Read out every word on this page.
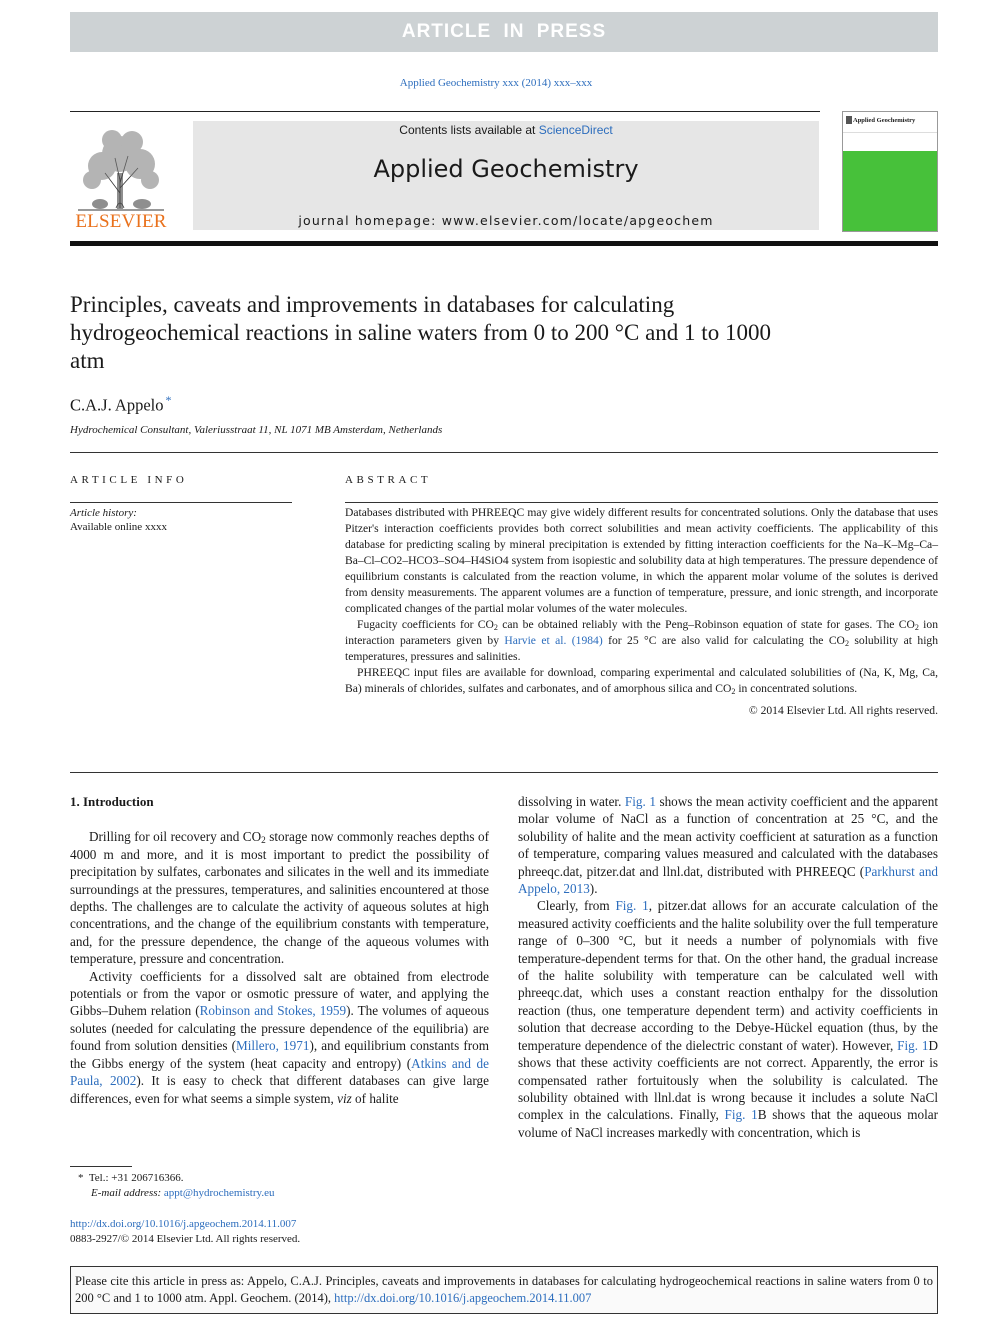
ARTICLE IN PRESS
Applied Geochemistry xxx (2014) xxx–xxx
ELSEVIER
Contents lists available at ScienceDirect
Applied Geochemistry
journal homepage: www.elsevier.com/locate/apgeochem
Applied Geochemistry
Principles, caveats and improvements in databases for calculating hydrogeochemical reactions in saline waters from 0 to 200 °C and 1 to 1000 atm
C.A.J. Appelo *
Hydrochemical Consultant, Valeriusstraat 11, NL 1071 MB Amsterdam, Netherlands
ARTICLE INFO	ABSTRACT
Article history:
Available online xxxx

Databases distributed with PHREEQC may give widely different results for concentrated solutions. Only the database that uses Pitzer's interaction coefficients provides both correct solubilities and mean activity coefficients. The applicability of this database for predicting scaling by mineral precipitation is extended by fitting interaction coefficients for the Na–K–Mg–Ca–Ba–Cl–CO2–HCO3–SO4–H4SiO4 system from isopiestic and solubility data at high temperatures. The pressure dependence of equilibrium constants is calculated from the reaction volume, in which the apparent molar volume of the solutes is derived from density measurements. The apparent volumes are a function of temperature, pressure, and ionic strength, and incorporate complicated changes of the partial molar volumes of the water molecules.

Fugacity coefficients for $CO_2$ can be obtained reliably with the Peng–Robinson equation of state for gases. The $CO_2$ ion interaction parameters given by Harvie et al. (1984) for 25 °C are also valid for calculating the $CO_2$ solubility at high temperatures, pressures and salinities.

PHREEQC input files are available for download, comparing experimental and calculated solubilities of (Na, K, Mg, Ca, Ba) minerals of chlorides, sulfates and carbonates, and of amorphous silica and $CO_2$ in concentrated solutions.

© 2014 Elsevier Ltd. All rights reserved.

1. Introduction

Drilling for oil recovery and $CO_2$ storage now commonly reaches depths of 4000 m and more, and it is most important to predict the possibility of precipitation by sulfates, carbonates and silicates in the well and its immediate surroundings at the pressures, temperatures, and salinities encountered at those depths. The challenges are to calculate the activity of aqueous solutes at high concentrations, and the change of the equilibrium constants with temperature, and, for the pressure dependence, the change of the aqueous volumes with temperature, pressure and concentration.

Activity coefficients for a dissolved salt are obtained from electrode potentials or from the vapor or osmotic pressure of water, and applying the Gibbs–Duhem relation (Robinson and Stokes, 1959). The volumes of aqueous solutes (needed for calculating the pressure dependence of the equilibria) are found from solution densities (Millero, 1971), and equilibrium constants from the Gibbs energy of the system (heat capacity and entropy) (Atkins and de Paula, 2002). It is easy to check that different databases can give large differences, even for what seems a simple system, viz of halite

dissolving in water. Fig. 1 shows the mean activity coefficient and the apparent molar volume of NaCl as a function of concentration at 25 °C, and the solubility of halite and the mean activity coefficient at saturation as a function of temperature, comparing values measured and calculated with the databases phreeqc.dat, pitzer.dat and llnl.dat, distributed with PHREEQC (Parkhurst and Appelo, 2013).

Clearly, from Fig. 1, pitzer.dat allows for an accurate calculation of the measured activity coefficients and the halite solubility over the full temperature range of 0–300 °C, but it needs a number of polynomials with five temperature-dependent terms for that. On the other hand, the gradual increase of the halite solubility with temperature can be calculated well with phreeqc.dat, which uses a constant reaction enthalpy for the dissolution reaction (thus, one temperature dependent term) and activity coefficients in solution that decrease according to the Debye-Hückel equation (thus, by the temperature dependence of the dielectric constant of water). However, Fig. 1D shows that these activity coefficients are not correct. Apparently, the error is compensated rather fortuitously when the solubility is calculated. The solubility obtained with llnl.dat is wrong because it includes a solute NaCl complex in the calculations. Finally, Fig. 1B shows that the aqueous molar volume of NaCl increases markedly with concentration, which is

* Tel.: +31 206716366.
E-mail address: appt@hydrochemistry.eu
http://dx.doi.org/10.1016/j.apgeochem.2014.11.007
0883-2927/© 2014 Elsevier Ltd. All rights reserved.
Please cite this article in press as: Appelo, C.A.J. Principles, caveats and improvements in databases for calculating hydrogeochemical reactions in saline waters from 0 to 200 °C and 1 to 1000 atm. Appl. Geochem. (2014), http://dx.doi.org/10.1016/j.apgeochem.2014.11.007
